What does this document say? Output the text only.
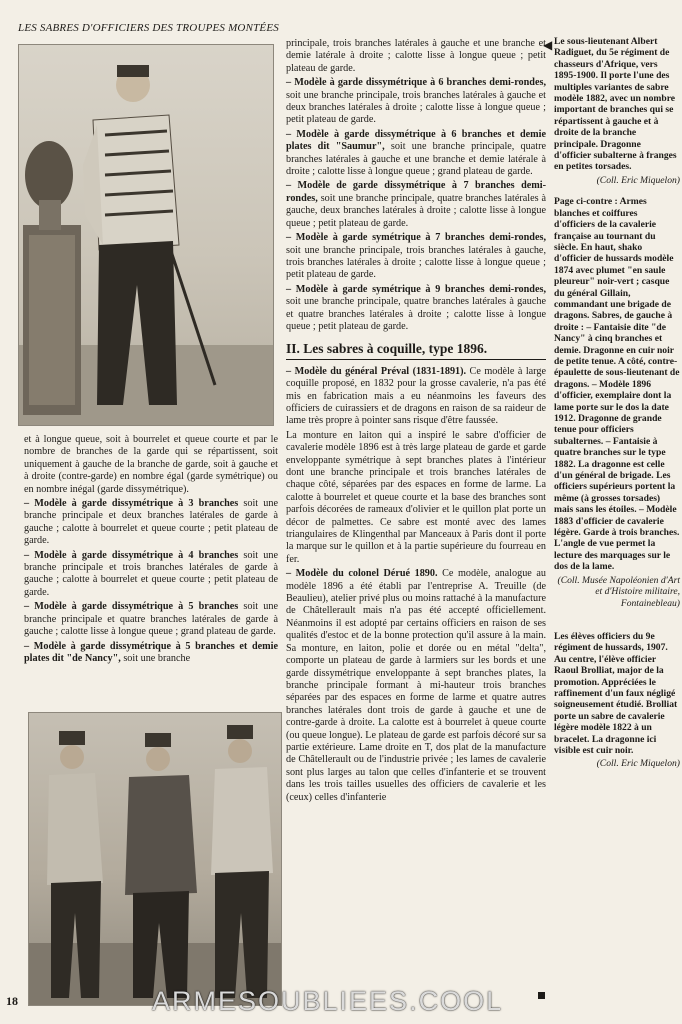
LES SABRES D'OFFICIERS DES TROUPES MONTÉES

et à longue queue, soit à bourrelet et queue courte et par le nombre de branches de la garde qui se répartissent, soit uniquement à gauche de la branche de garde, soit à gauche et à droite (contre-garde) en nombre égal (garde symétrique) ou en nombre inégal (garde dissymétrique).

– Modèle à garde dissymétrique à 3 branches soit une branche principale et deux branches latérales de garde à gauche ; calotte à bourrelet et queue courte ; petit plateau de garde.

– Modèle à garde dissymétrique à 4 branches soit une branche principale et trois branches latérales de garde à gauche ; calotte à bourrelet et queue courte ; petit plateau de garde.

– Modèle à garde dissymétrique à 5 branches soit une branche principale et quatre branches latérales de garde à gauche ; calotte lisse à longue queue ; grand plateau de garde.

– Modèle à garde dissymétrique à 5 branches et demie plates dit "de Nancy", soit une branche

principale, trois branches latérales à gauche et une branche et demie latérale à droite ; calotte lisse à longue queue ; petit plateau de garde.

– Modèle à garde dissymétrique à 6 branches demi-rondes, soit une branche principale, trois branches latérales à gauche et deux branches latérales à droite ; calotte lisse à longue queue ; petit plateau de garde.

– Modèle à garde dissymétrique à 6 branches et demie plates dit "Saumur", soit une branche principale, quatre branches latérales à gauche et une branche et demie latérale à droite ; calotte lisse à longue queue ; grand plateau de garde.

– Modèle de garde dissymétrique à 7 branches demi-rondes, soit une branche principale, quatre branches latérales à gauche, deux branches latérales à droite ; calotte lisse à longue queue ; petit plateau de garde.

– Modèle à garde symétrique à 7 branches demi-rondes, soit une branche principale, trois branches latérales à gauche, trois branches latérales à droite ; calotte lisse à longue queue ; petit plateau de garde.

– Modèle à garde symétrique à 9 branches demi-rondes, soit une branche principale, quatre branches latérales à gauche et quatre branches latérales à droite ; calotte lisse à longue queue ; petit plateau de garde.

II. Les sabres à coquille, type 1896.

– Modèle du général Préval (1831-1891). Ce modèle à large coquille proposé, en 1832 pour la grosse cavalerie, n'a pas été mis en fabrication mais a eu néanmoins les faveurs des officiers de cuirassiers et de dragons en raison de sa raideur de lame très propre à pointer sans risque d'être faussée.

La monture en laiton qui a inspiré le sabre d'officier de cavalerie modèle 1896 est à très large plateau de garde et garde enveloppante symétrique à sept branches plates à l'intérieur dont une branche principale et trois branches latérales de chaque côté, séparées par des espaces en forme de larme. La calotte à bourrelet et queue courte et la base des branches sont parfois décorées de rameaux d'olivier et le quillon plat porte un décor de palmettes. Ce sabre est monté avec des lames triangulaires de Klingenthal par Manceaux à Paris dont il porte la marque sur le quillon et à la partie supérieure du fourreau en fer.

– Modèle du colonel Dérué 1890. Ce modèle, analogue au modèle 1896 a été établi par l'entreprise A. Treuille (de Beaulieu), atelier privé plus ou moins rattaché à la manufacture de Châtellerault mais n'a pas été accepté officiellement. Néanmoins il est adopté par certains officiers en raison de ses qualités d'estoc et de la bonne protection qu'il assure à la main. Sa monture, en laiton, polie et dorée ou en métal "delta", comporte un plateau de garde à larmiers sur les bords et une garde dissymétrique enveloppante à sept branches plates, la branche principale formant à mi-hauteur trois branches séparées par des espaces en forme de larme et quatre autres branches latérales dont trois de garde à gauche et une de contre-garde à droite. La calotte est à bourrelet à queue courte (ou queue longue). Le plateau de garde est parfois décoré sur sa partie extérieure. Lame droite en T, dos plat de la manufacture de Châtellerault ou de l'industrie privée ; les lames de cavalerie sont plus larges au talon que celles d'infanterie et se trouvent dans les trois tailles usuelles des officiers de cavalerie et les (ceux) celles d'infanterie

◀ Le sous-lieutenant Albert Radiguet, du 5e régiment de chasseurs d'Afrique, vers 1895-1900. Il porte l'une des multiples variantes de sabre modèle 1882, avec un nombre important de branches qui se répartissent à gauche et à droite de la branche principale. Dragonne d'officier subalterne à franges en petites torsades.

(Coll. Eric Miquelon)

Page ci-contre : Armes blanches et coiffures d'officiers de la cavalerie française au tournant du siècle. En haut, shako d'officier de hussards modèle 1874 avec plumet "en saule pleureur" noir-vert ; casque du général Gillain, commandant une brigade de dragons. Sabres, de gauche à droite : – Fantaisie dite "de Nancy" à cinq branches et demie. Dragonne en cuir noir de petite tenue. A côté, contre-épaulette de sous-lieutenant de dragons. – Modèle 1896 d'officier, exemplaire dont la lame porte sur le dos la date 1912. Dragonne de grande tenue pour officiers subalternes. – Fantaisie à quatre branches sur le type 1882. La dragonne est celle d'un général de brigade. Les officiers supérieurs portent la même (à grosses torsades) mais sans les étoiles. – Modèle 1883 d'officier de cavalerie légère. Garde à trois branches. L'angle de vue permet la lecture des marquages sur le dos de la lame.

(Coll. Musée Napoléonien d'Art et d'Histoire militaire, Fontainebleau)

Les élèves officiers du 9e régiment de hussards, 1907. Au centre, l'élève officier Raoul Brolliat, major de la promotion. Appréciées le raffinement d'un faux négligé soigneusement étudié. Brolliat porte un sabre de cavalerie légère modèle 1822 à un bracelet. La dragonne ici visible est cuir noir.

(Coll. Eric Miquelon)

18	ARMESOUBLIEES.COOL
